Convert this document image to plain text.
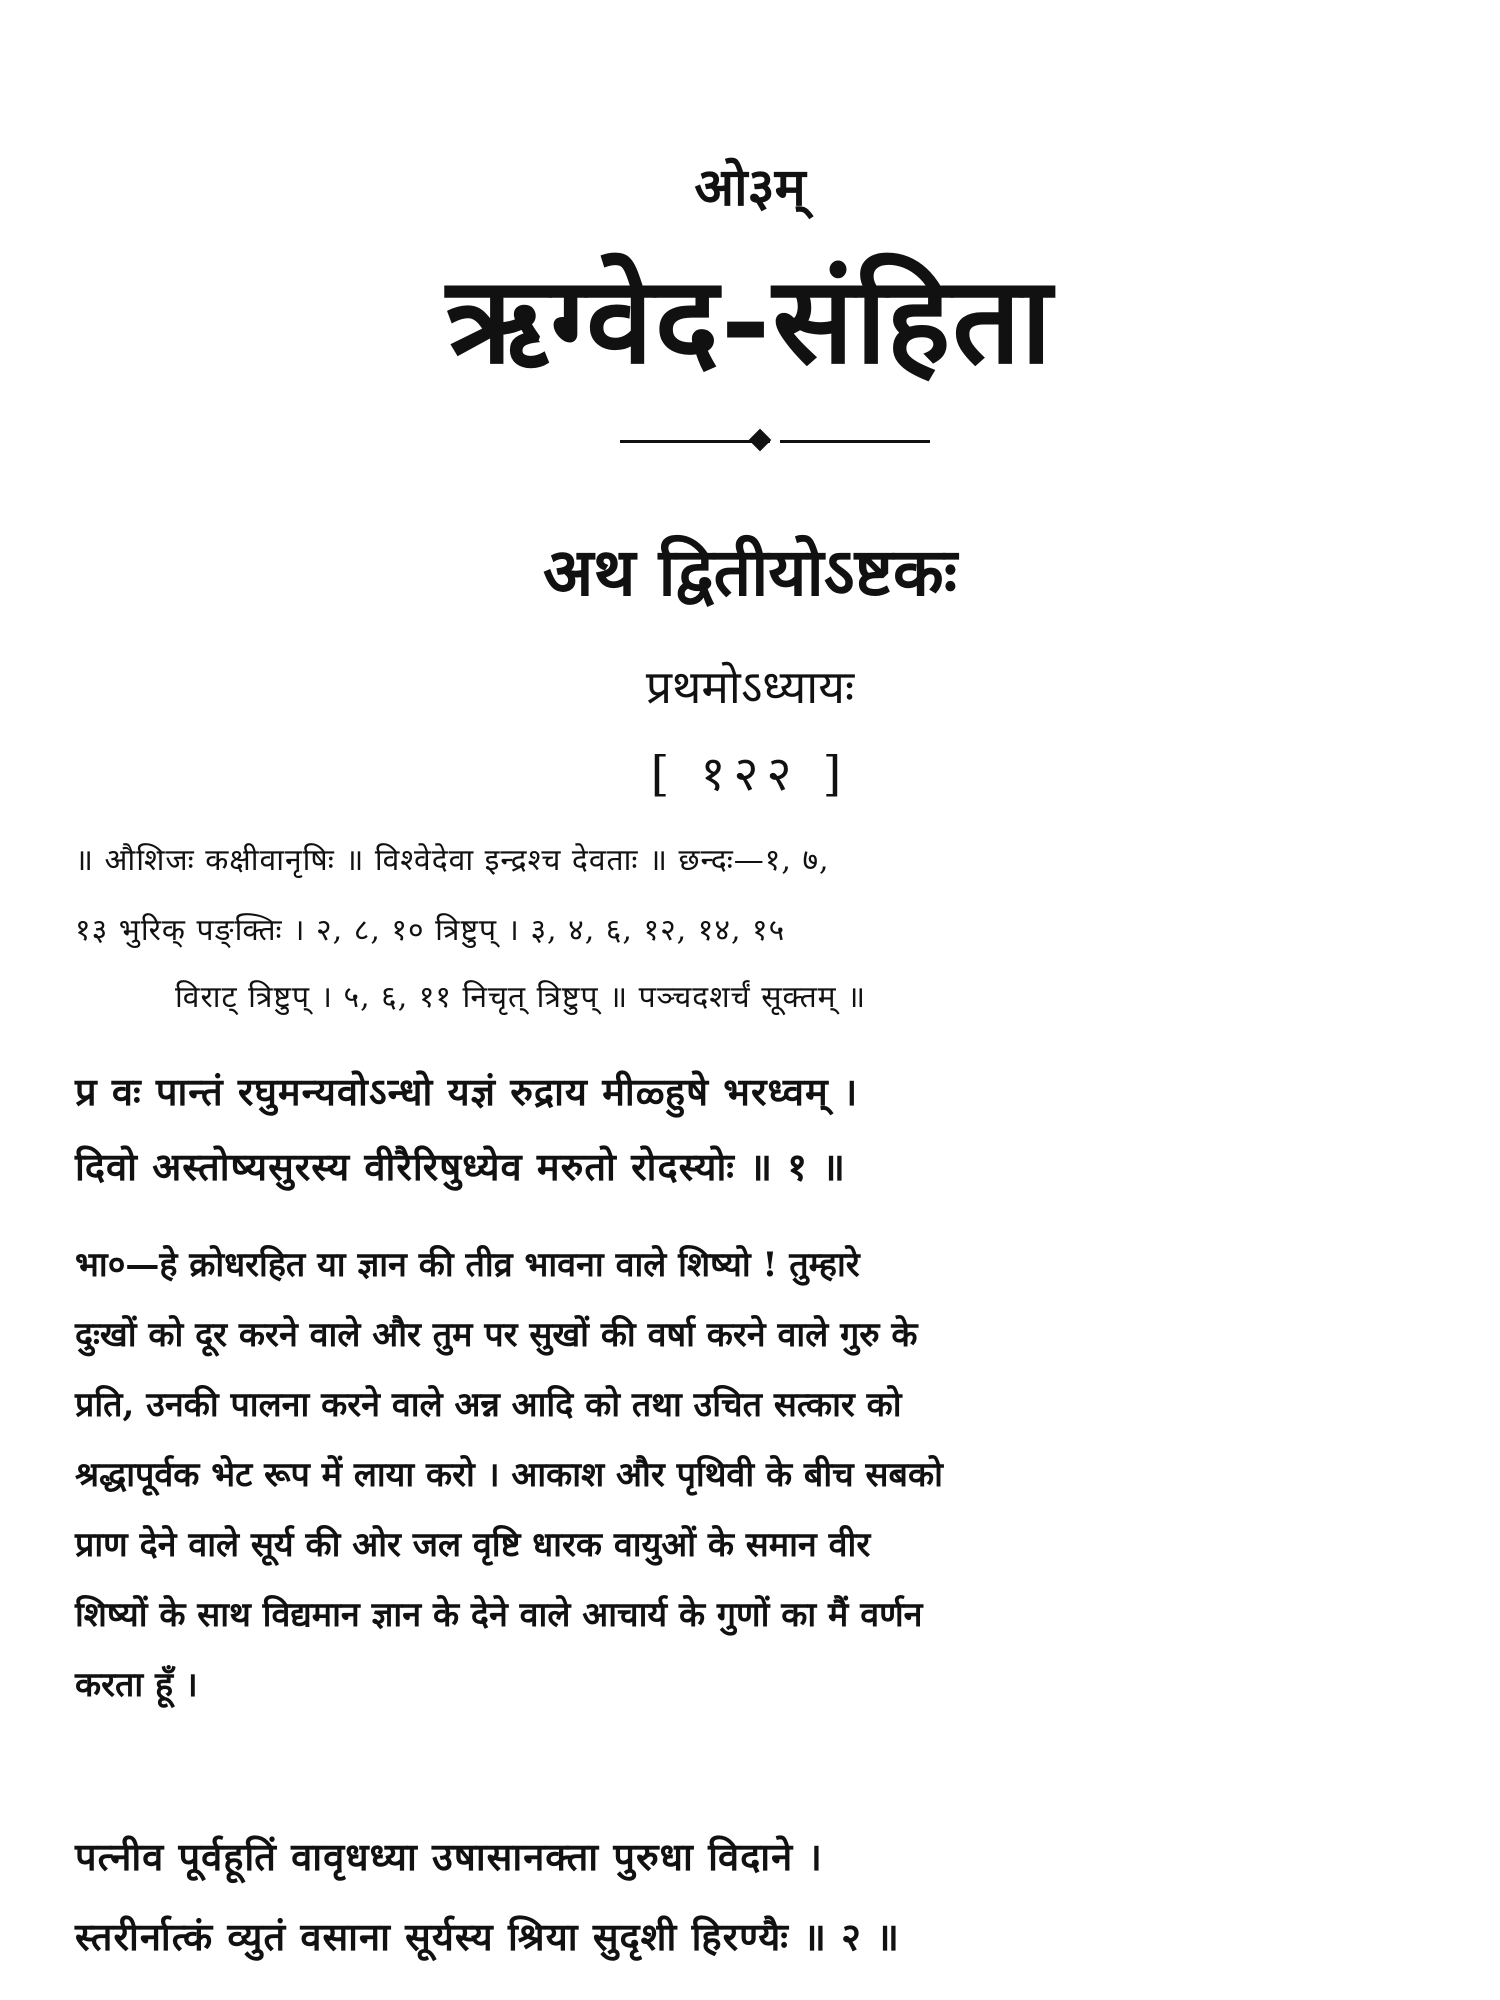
ओ३म्
ऋग्वेद-संहिता
अथ द्वितीयोऽष्टकः
प्रथमोऽध्यायः
[ १२२ ]
॥ औशिजः कक्षीवानृषिः ॥ विश्वेदेवा इन्द्रश्च देवताः ॥ छन्दः—१, ७,
१३ भुरिक् पङ्क्तिः । २, ८, १० त्रिष्टुप् । ३, ४, ६, १२, १४, १५
विराट् त्रिष्टुप् । ५, ६, ११ निचृत् त्रिष्टुप् ॥ पञ्चदशर्चं सूक्तम् ॥
प्र वः पान्तं रघुमन्यवोऽन्धो यज्ञं रुद्राय मीळ्हुषे भरध्वम् ।
दिवो अस्तोष्यसुरस्य वीरैरिषुध्येव मरुतो रोदस्योः ॥ १ ॥
भा०—हे क्रोधरहित या ज्ञान की तीव्र भावना वाले शिष्यो ! तुम्हारे
दुःखों को दूर करने वाले और तुम पर सुखों की वर्षा करने वाले गुरु के
प्रति, उनकी पालना करने वाले अन्न आदि को तथा उचित सत्कार को
श्रद्धापूर्वक भेट रूप में लाया करो । आकाश और पृथिवी के बीच सबको
प्राण देने वाले सूर्य की ओर जल वृष्टि धारक वायुओं के समान वीर
शिष्यों के साथ विद्यमान ज्ञान के देने वाले आचार्य के गुणों का मैं वर्णन
करता हूँ ।
पत्नीव पूर्वहूतिं वावृधध्या उषासानक्ता पुरुधा विदाने ।
स्तरीर्नात्कं व्युतं वसाना सूर्यस्य श्रिया सुदृशी हिरण्यैः ॥ २ ॥
